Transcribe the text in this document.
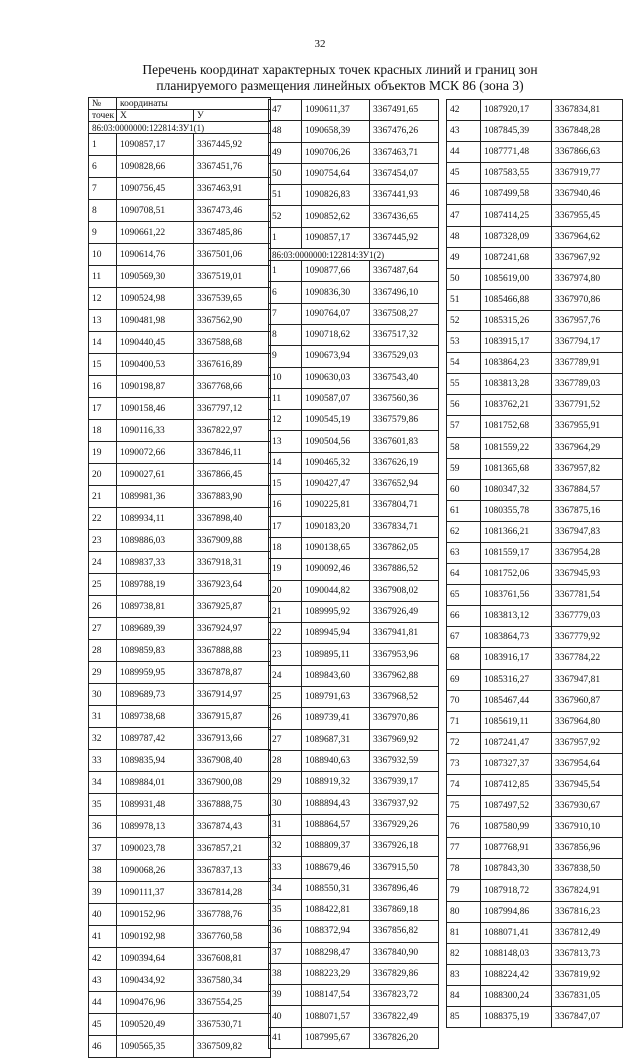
32
Перечень координат характерных точек красных линий и границ зон
планируемого размещения линейных объектов МСК 86 (зона 3)
№	координаты	
точек	X	У
86:03:0000000:122814:ЗУ1(1)		
1	1090857,17	3367445,92
6	1090828,66	3367451,76
7	1090756,45	3367463,91
8	1090708,51	3367473,46
9	1090661,22	3367485,86
10	1090614,76	3367501,06
11	1090569,30	3367519,01
12	1090524,98	3367539,65
13	1090481,98	3367562,90
14	1090440,45	3367588,68
15	1090400,53	3367616,89
16	1090198,87	3367768,66
17	1090158,46	3367797,12
18	1090116,33	3367822,97
19	1090072,66	3367846,11
20	1090027,61	3367866,45
21	1089981,36	3367883,90
22	1089934,11	3367898,40
23	1089886,03	3367909,88
24	1089837,33	3367918,31
25	1089788,19	3367923,64
26	1089738,81	3367925,87
27	1089689,39	3367924,97
28	1089859,83	3367888,88
29	1089959,95	3367878,87
30	1089689,73	3367914,97
31	1089738,68	3367915,87
32	1089787,42	3367913,66
33	1089835,94	3367908,40
34	1089884,01	3367900,08
35	1089931,48	3367888,75
36	1089978,13	3367874,43
37	1090023,78	3367857,21
38	1090068,26	3367837,13
39	1090111,37	3367814,28
40	1090152,96	3367788,76
41	1090192,98	3367760,58
42	1090394,64	3367608,81
43	1090434,92	3367580,34
44	1090476,96	3367554,25
45	1090520,49	3367530,71
46	1090565,35	3367509,82
47	1090611,37	3367491,65
48	1090658,39	3367476,26
49	1090706,26	3367463,71
50	1090754,64	3367454,07
51	1090826,83	3367441,93
52	1090852,62	3367436,65
1	1090857,17	3367445,92
86:03:0000000:122814:ЗУ1(2)		
1	1090877,66	3367487,64
6	1090836,30	3367496,10
7	1090764,07	3367508,27
8	1090718,62	3367517,32
9	1090673,94	3367529,03
10	1090630,03	3367543,40
11	1090587,07	3367560,36
12	1090545,19	3367579,86
13	1090504,56	3367601,83
14	1090465,32	3367626,19
15	1090427,47	3367652,94
16	1090225,81	3367804,71
17	1090183,20	3367834,71
18	1090138,65	3367862,05
19	1090092,46	3367886,52
20	1090044,82	3367908,02
21	1089995,92	3367926,49
22	1089945,94	3367941,81
23	1089895,11	3367953,96
24	1089843,60	3367962,88
25	1089791,63	3367968,52
26	1089739,41	3367970,86
27	1089687,31	3367969,92
28	1088940,63	3367932,59
29	1088919,32	3367939,17
30	1088894,43	3367937,92
31	1088864,57	3367929,26
32	1088809,37	3367926,18
33	1088679,46	3367915,50
34	1088550,31	3367896,46
35	1088422,81	3367869,18
36	1088372,94	3367856,82
37	1088298,47	3367840,90
38	1088223,29	3367829,86
39	1088147,54	3367823,72
40	1088071,57	3367822,49
41	1087995,67	3367826,20
42	1087920,17	3367834,81
43	1087845,39	3367848,28
44	1087771,48	3367866,63
45	1087583,55	3367919,77
46	1087499,58	3367940,46
47	1087414,25	3367955,45
48	1087328,09	3367964,62
49	1087241,68	3367967,92
50	1085619,00	3367974,80
51	1085466,88	3367970,86
52	1085315,26	3367957,76
53	1083915,17	3367794,17
54	1083864,23	3367789,91
55	1083813,28	3367789,03
56	1083762,21	3367791,52
57	1081752,68	3367955,91
58	1081559,22	3367964,29
59	1081365,68	3367957,82
60	1080347,32	3367884,57
61	1080355,78	3367875,16
62	1081366,21	3367947,83
63	1081559,17	3367954,28
64	1081752,06	3367945,93
65	1083761,56	3367781,54
66	1083813,12	3367779,03
67	1083864,73	3367779,92
68	1083916,17	3367784,22
69	1085316,27	3367947,81
70	1085467,44	3367960,87
71	1085619,11	3367964,80
72	1087241,47	3367957,92
73	1087327,37	3367954,64
74	1087412,85	3367945,54
75	1087497,52	3367930,67
76	1087580,99	3367910,10
77	1087768,91	3367856,96
78	1087843,30	3367838,50
79	1087918,72	3367824,91
80	1087994,86	3367816,23
81	1088071,41	3367812,49
82	1088148,03	3367813,73
83	1088224,42	3367819,92
84	1088300,24	3367831,05
85	1088375,19	3367847,07
